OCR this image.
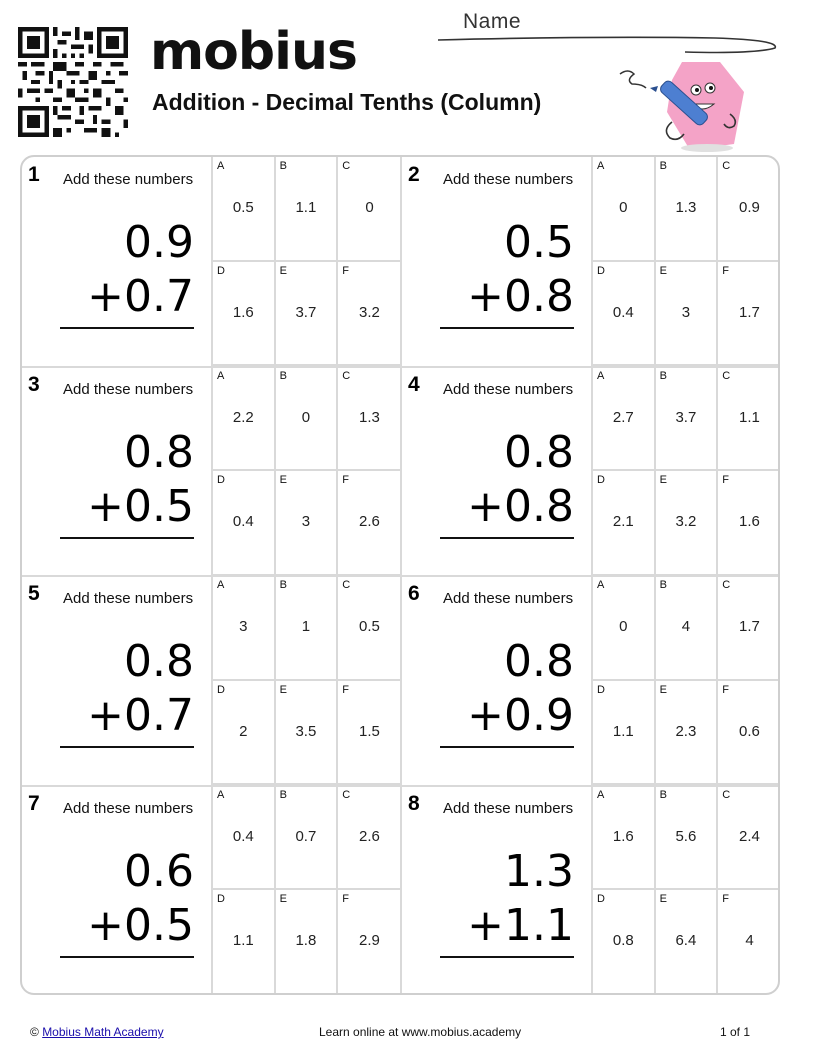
mobius
Addition - Decimal Tenths (Column)
Name
1 Add these numbers
0.9
+0.7
A
0.5
B
1.1
C
0
D
1.6
E
3.7
F
3.2
2 Add these numbers
0.5
+0.8
A
0
B
1.3
C
0.9
D
0.4
E
3
F
1.7
3 Add these numbers
0.8
+0.5
A
2.2
B
0
C
1.3
D
0.4
E
3
F
2.6
4 Add these numbers
0.8
+0.8
A
2.7
B
3.7
C
1.1
D
2.1
E
3.2
F
1.6
5 Add these numbers
0.8
+0.7
A
3
B
1
C
0.5
D
2
E
3.5
F
1.5
6 Add these numbers
0.8
+0.9
A
0
B
4
C
1.7
D
1.1
E
2.3
F
0.6
7 Add these numbers
0.6
+0.5
A
0.4
B
0.7
C
2.6
D
1.1
E
1.8
F
2.9
8 Add these numbers
1.3
+1.1
A
1.6
B
5.6
C
2.4
D
0.8
E
6.4
F
4
© Mobius Math Academy	Learn online at www.mobius.academy	1 of 1
